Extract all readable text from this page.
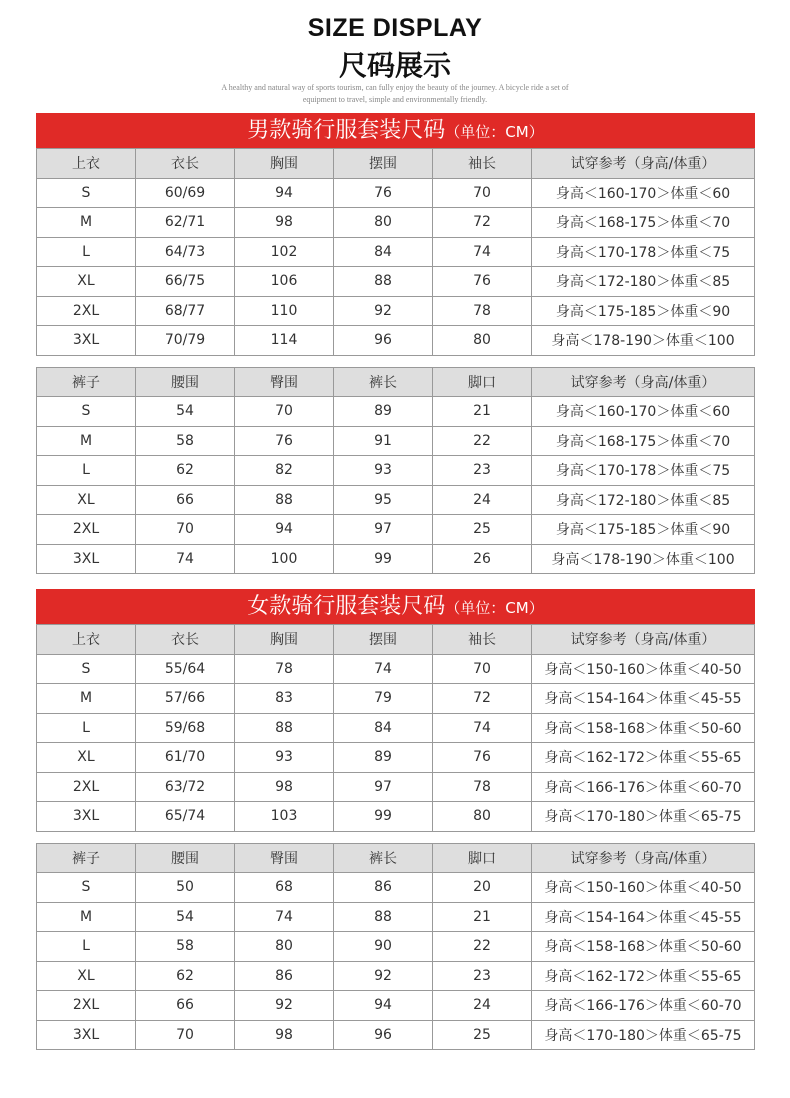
SIZE DISPLAY
尺码展示
A healthy and natural way of sports tourism, can fully enjoy the beauty of the journey. A bicycle ride a set of equipment to travel, simple and environmentally friendly.
男款骑行服套装尺码（单位：CM）
上衣	衣长	胸围	摆围	袖长	试穿参考（身高/体重）
S	60/69	94	76	70	身高＜160-170＞体重＜60
M	62/71	98	80	72	身高＜168-175＞体重＜70
L	64/73	102	84	74	身高＜170-178＞体重＜75
XL	66/75	106	88	76	身高＜172-180＞体重＜85
2XL	68/77	110	92	78	身高＜175-185＞体重＜90
3XL	70/79	114	96	80	身高＜178-190＞体重＜100
裤子	腰围	臀围	裤长	脚口	试穿参考（身高/体重）
S	54	70	89	21	身高＜160-170＞体重＜60
M	58	76	91	22	身高＜168-175＞体重＜70
L	62	82	93	23	身高＜170-178＞体重＜75
XL	66	88	95	24	身高＜172-180＞体重＜85
2XL	70	94	97	25	身高＜175-185＞体重＜90
3XL	74	100	99	26	身高＜178-190＞体重＜100
女款骑行服套装尺码（单位：CM）
上衣	衣长	胸围	摆围	袖长	试穿参考（身高/体重）
S	55/64	78	74	70	身高＜150-160＞体重＜40-50
M	57/66	83	79	72	身高＜154-164＞体重＜45-55
L	59/68	88	84	74	身高＜158-168＞体重＜50-60
XL	61/70	93	89	76	身高＜162-172＞体重＜55-65
2XL	63/72	98	97	78	身高＜166-176＞体重＜60-70
3XL	65/74	103	99	80	身高＜170-180＞体重＜65-75
裤子	腰围	臀围	裤长	脚口	试穿参考（身高/体重）
S	50	68	86	20	身高＜150-160＞体重＜40-50
M	54	74	88	21	身高＜154-164＞体重＜45-55
L	58	80	90	22	身高＜158-168＞体重＜50-60
XL	62	86	92	23	身高＜162-172＞体重＜55-65
2XL	66	92	94	24	身高＜166-176＞体重＜60-70
3XL	70	98	96	25	身高＜170-180＞体重＜65-75
